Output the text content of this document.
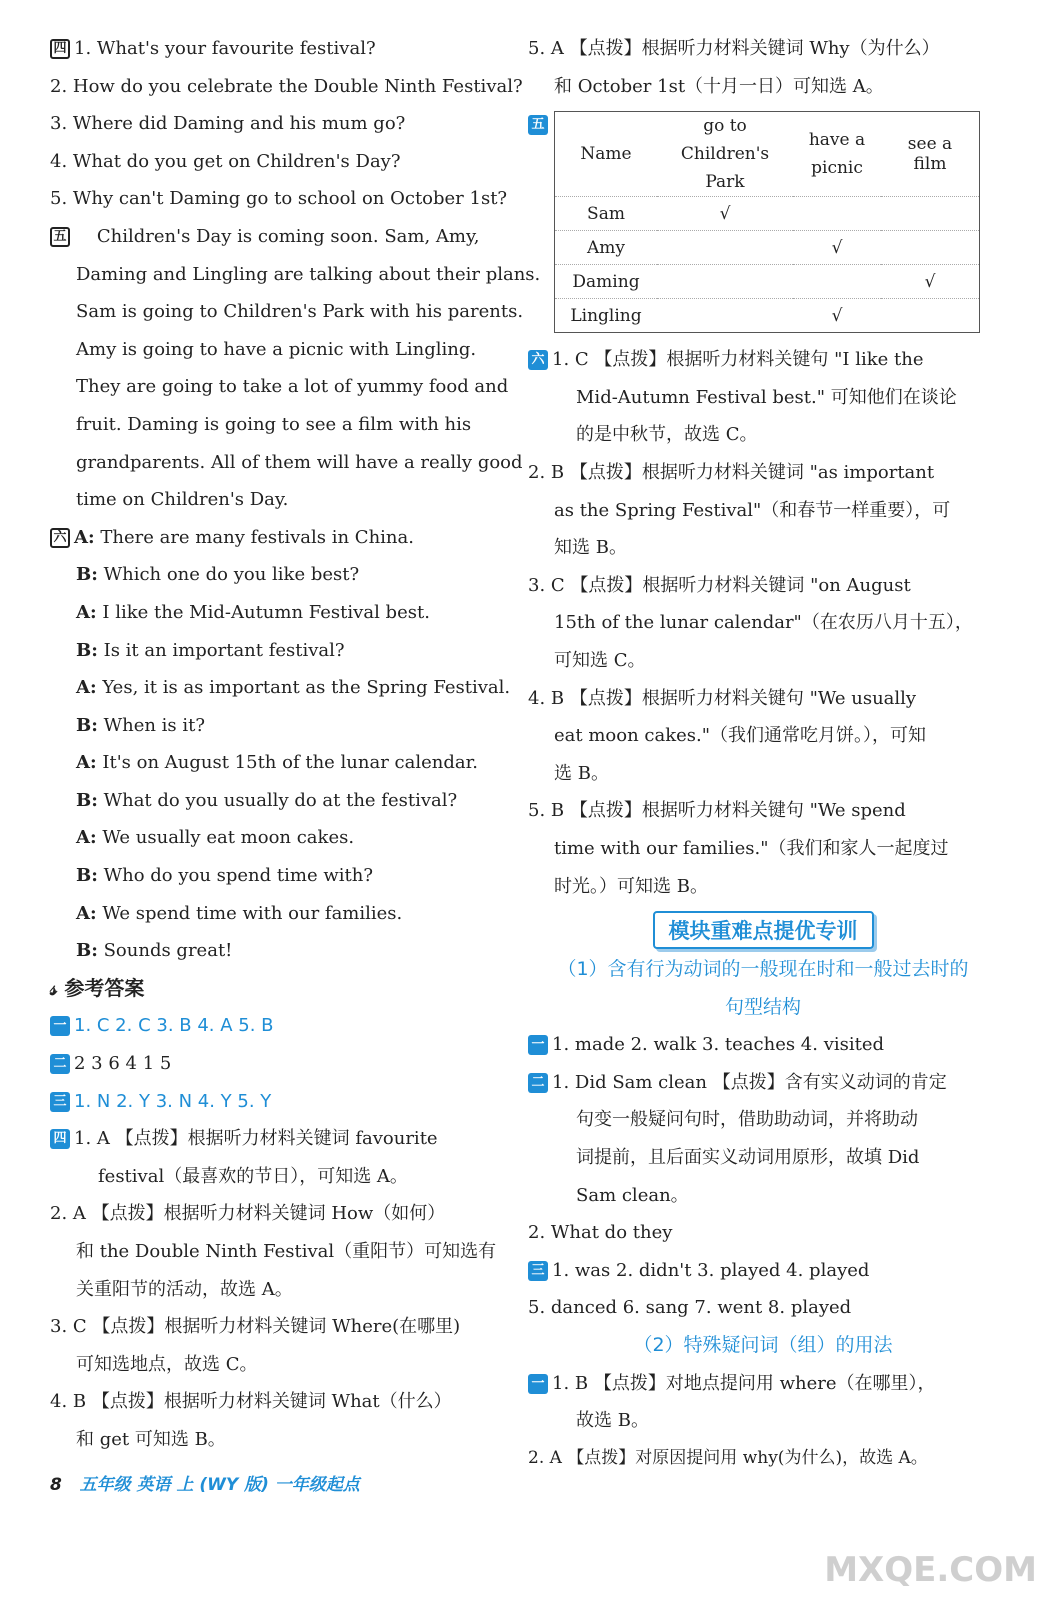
四 1. What's your favourite festival?
2. How do you celebrate the Double Ninth Festival?
3. Where did Daming and his mum go?
4. What do you get on Children's Day?
5. Why can't Daming go to school on October 1st?
五 Children's Day is coming soon. Sam, Amy,
Daming and Lingling are talking about their plans.
Sam is going to Children's Park with his parents.
Amy is going to have a picnic with Lingling.
They are going to take a lot of yummy food and
fruit. Daming is going to see a film with his
grandparents. All of them will have a really good
time on Children's Day.
六 A: There are many festivals in China.
B: Which one do you like best?
A: I like the Mid-Autumn Festival best.
B: Is it an important festival?
A: Yes, it is as important as the Spring Festival.
B: When is it?
A: It's on August 15th of the lunar calendar.
B: What do you usually do at the festival?
A: We usually eat moon cakes.
B: Who do you spend time with?
A: We spend time with our families.
B: Sounds great!
𝓈 参考答案
一 1. C 2. C 3. B 4. A 5. B
二 2 3 6 4 1 5
三 1. N 2. Y 3. N 4. Y 5. Y
四 1. A 【点拨】根据听力材料关键词 favourite
festival（最喜欢的节日），可知选 A。
2. A 【点拨】根据听力材料关键词 How（如何）
和 the Double Ninth Festival（重阳节）可知选有
关重阳节的活动，故选 A。
3. C 【点拨】根据听力材料关键词 Where(在哪里)
可知选地点，故选 C。
4. B 【点拨】根据听力材料关键词 What（什么）
和 get 可知选 B。
5. A 【点拨】根据听力材料关键词 Why（为什么）
和 October 1st（十月一日）可知选 A。
五
Name	go to Children's Park	have a picnic	see a film
Sam	√		
Amy		√	
Daming			√
Lingling		√	
六 1. C 【点拨】根据听力材料关键句 "I like the
Mid-Autumn Festival best." 可知他们在谈论
的是中秋节，故选 C。
2. B 【点拨】根据听力材料关键词 "as important
as the Spring Festival"（和春节一样重要），可
知选 B。
3. C 【点拨】根据听力材料关键词 "on August
15th of the lunar calendar"（在农历八月十五），
可知选 C。
4. B 【点拨】根据听力材料关键句 "We usually
eat moon cakes."（我们通常吃月饼。），可知
选 B。
5. B 【点拨】根据听力材料关键句 "We spend
time with our families."（我们和家人一起度过
时光。）可知选 B。
模块重难点提优专训
（1）含有行为动词的一般现在时和一般过去时的
句型结构
一 1. made 2. walk 3. teaches 4. visited
二 1. Did Sam clean 【点拨】含有实义动词的肯定
句变一般疑问句时，借助助动词，并将助动
词提前，且后面实义动词用原形，故填 Did
Sam clean。
2. What do they
三 1. was 2. didn't 3. played 4. played
5. danced 6. sang 7. went 8. played
（2）特殊疑问词（组）的用法
一 1. B 【点拨】对地点提问用 where（在哪里），
故选 B。
2. A 【点拨】对原因提问用 why(为什么)，故选 A。
8 五年级 英语 上 (WY 版) 一年级起点
MXQE.COM
